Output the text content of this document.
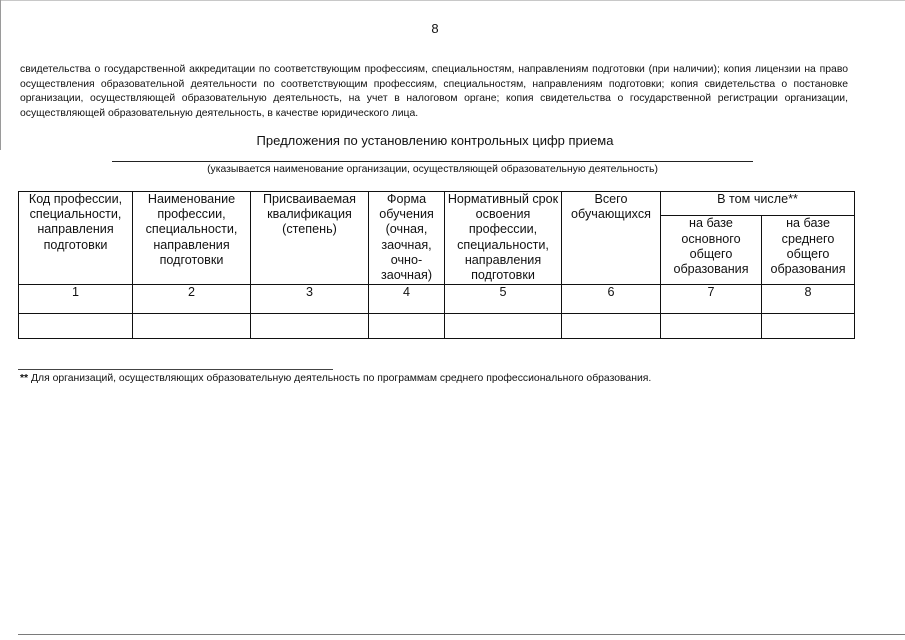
8

свидетельства о государственной аккредитации по соответствующим профессиям, специальностям, направлениям подготовки (при наличии); копия лицензии на право осуществления образовательной деятельности по соответствующим профессиям, специальностям, направлениям подготовки; копия свидетельства о постановке организации, осуществляющей образовательную деятельность, на учет в налоговом органе; копия свидетельства о государственной регистрации организации, осуществляющей образовательную деятельность, в качестве юридического лица.

Предложения по установлению контрольных цифр приема
(указывается наименование организации, осуществляющей образовательную деятельность)
Код профессии, специальности, направления подготовки	Наименование профессии, специальности, направления подготовки	Присваиваемая квалификация (степень)	Форма обучения (очная, заочная, очно-заочная)	Нормативный срок освоения профессии, специальности, направления подготовки	Всего обучающихся	В том числе**	
						на базе основного общего образования	на базе среднего общего образования
1	2	3	4	5	6	7	8

** Для организаций, осуществляющих образовательную деятельность по программам среднего профессионального образования.
